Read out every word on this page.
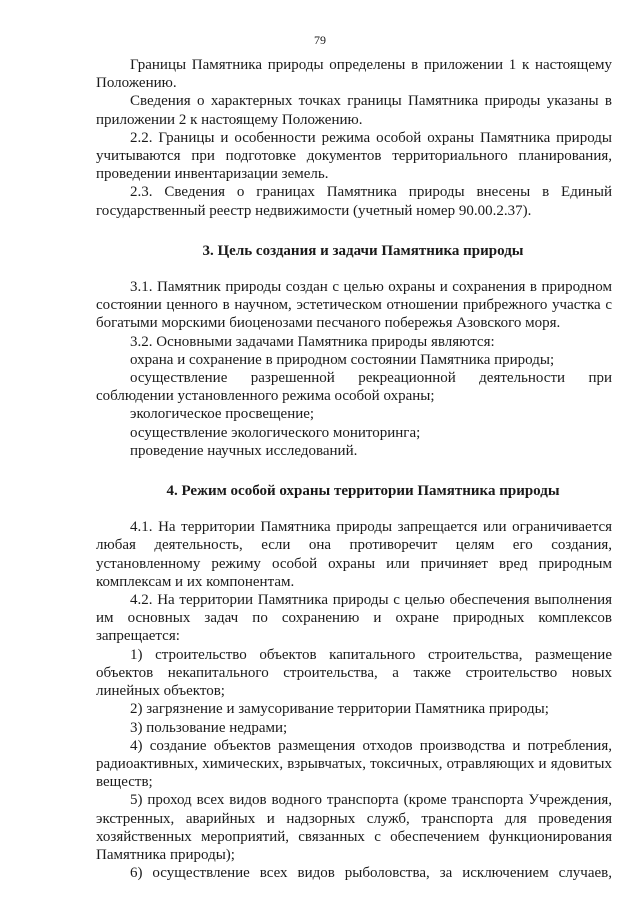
79

Границы Памятника природы определены в приложении 1 к настоящему Положению.

Сведения о характерных точках границы Памятника природы указаны в приложении 2 к настоящему Положению.

2.2. Границы и особенности режима особой охраны Памятника природы учитываются при подготовке документов территориального планирования, проведении инвентаризации земель.

2.3. Сведения о границах Памятника природы внесены в Единый государственный реестр недвижимости (учетный номер 90.00.2.37).

3. Цель создания и задачи Памятника природы

3.1. Памятник природы создан с целью охраны и сохранения в природном состоянии ценного в научном, эстетическом отношении прибрежного участка с богатыми морскими биоценозами песчаного побережья Азовского моря.

3.2. Основными задачами Памятника природы являются:

охрана и сохранение в природном состоянии Памятника природы;

осуществление разрешенной рекреационной деятельности при соблюдении установленного режима особой охраны;

экологическое просвещение;

осуществление экологического мониторинга;

проведение научных исследований.

4. Режим особой охраны территории Памятника природы

4.1. На территории Памятника природы запрещается или ограничивается любая деятельность, если она противоречит целям его создания, установленному режиму особой охраны или причиняет вред природным комплексам и их компонентам.

4.2. На территории Памятника природы с целью обеспечения выполнения им основных задач по сохранению и охране природных комплексов запрещается:

1) строительство объектов капитального строительства, размещение объектов некапитального строительства, а также строительство новых линейных объектов;

2) загрязнение и замусоривание территории Памятника природы;

3) пользование недрами;

4) создание объектов размещения отходов производства и потребления, радиоактивных, химических, взрывчатых, токсичных, отравляющих и ядовитых веществ;

5) проход всех видов водного транспорта (кроме транспорта Учреждения, экстренных, аварийных и надзорных служб, транспорта для проведения хозяйственных мероприятий, связанных с обеспечением функционирования Памятника природы);

6) осуществление всех видов рыболовства, за исключением случаев,
